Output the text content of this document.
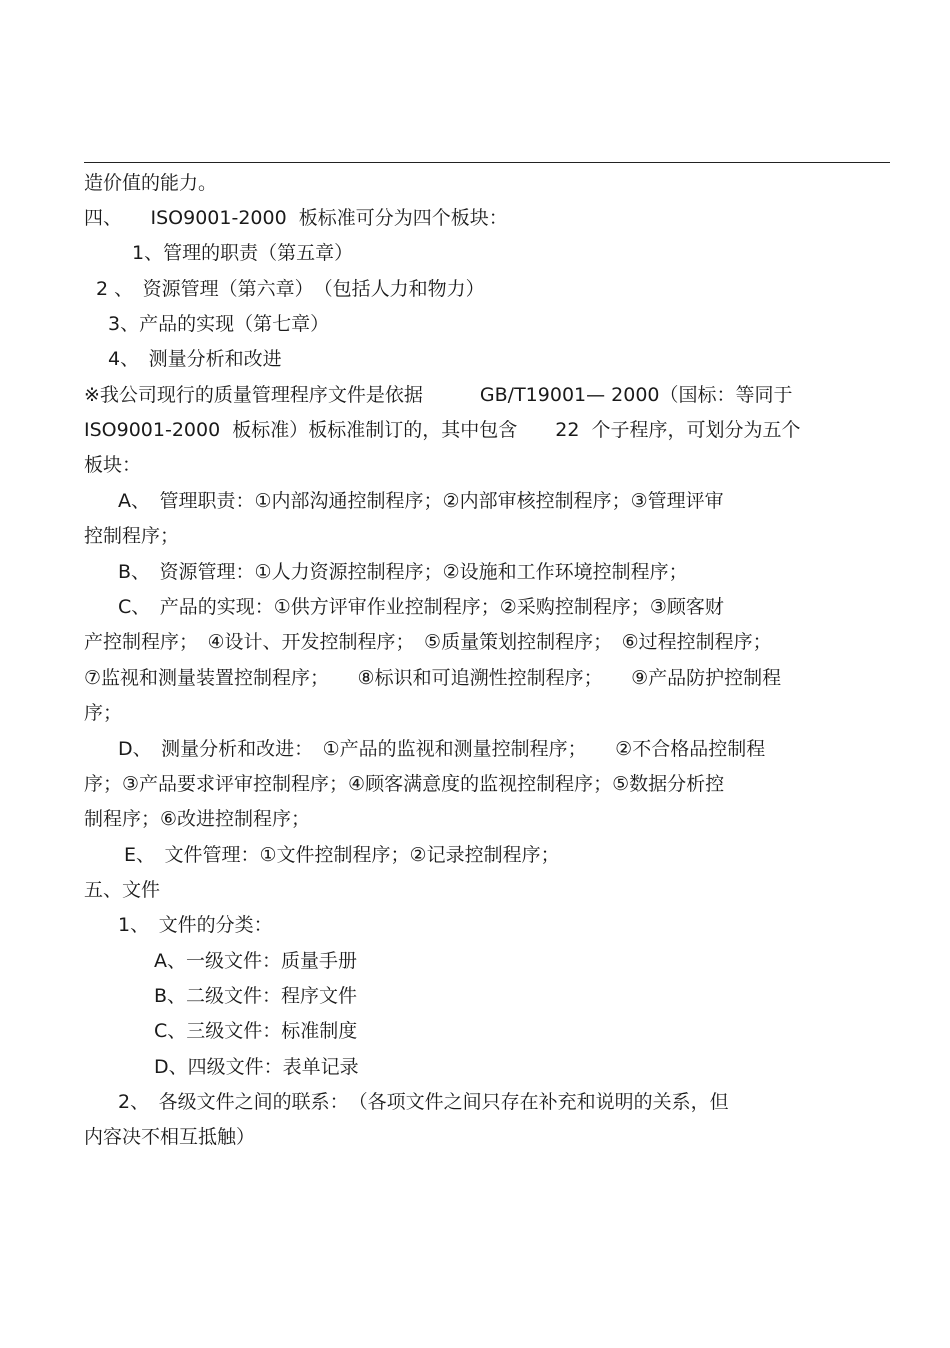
造价值的能力。
四、　　ISO9001-2000  板标准可分为四个板块：
1、管理的职责（第五章）
2 、　资源管理（第六章）　（包括人力和物力）
3、产品的实现（第七章）
4、　测量分析和改进
※我公司现行的质量管理程序文件是依据　　　GB/T19001— 2000（国标：等同于
ISO9001-2000  板标准）板标准制订的，其中包含　　22  个子程序，可划分为五个
板块：
A、　管理职责：①内部沟通控制程序；②内部审核控制程序；③管理评审
控制程序；
B、　资源管理：①人力资源控制程序；②设施和工作环境控制程序；
C、　产品的实现：①供方评审作业控制程序；②采购控制程序；③顾客财
产控制程序；　④设计、开发控制程序；　⑤质量策划控制程序；　⑥过程控制程序；
⑦监视和测量装置控制程序；　　⑧标识和可追溯性控制程序；　　⑨产品防护控制程
序；
D、　测量分析和改进：　①产品的监视和测量控制程序；　　②不合格品控制程
序；③产品要求评审控制程序；④顾客满意度的监视控制程序；⑤数据分析控
制程序；⑥改进控制程序；
E、　文件管理：①文件控制程序；②记录控制程序；
五、文件
1、　文件的分类：
A、一级文件：质量手册
B、二级文件：程序文件
C、三级文件：标准制度
D、四级文件：表单记录
2、　各级文件之间的联系：　（各项文件之间只存在补充和说明的关系，但
内容决不相互抵触）
